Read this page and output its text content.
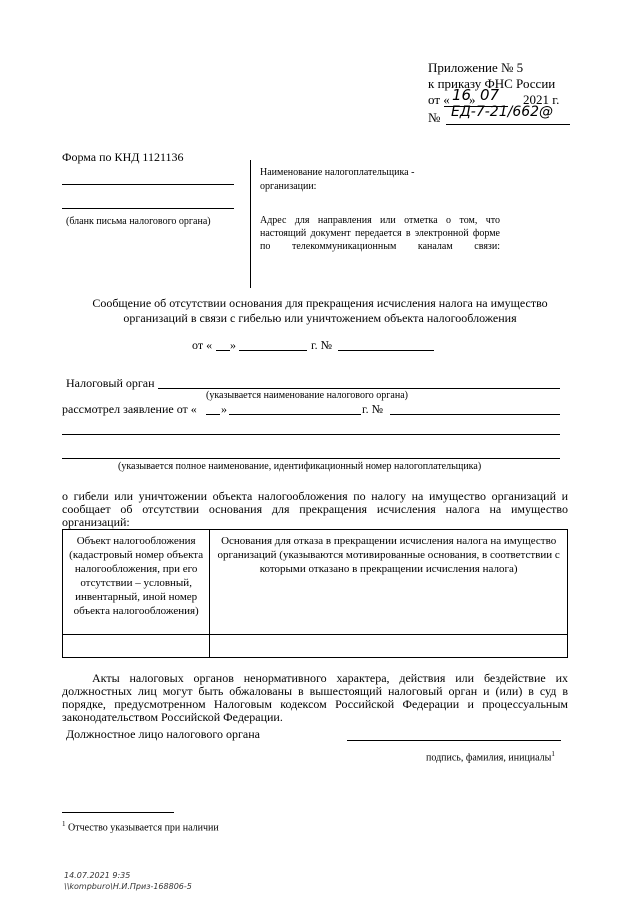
Приложение № 5
к приказу ФНС России
от « 16
» 07 2021 г.
№ ЕД-7-21/662@
Форма по КНД 1121136
(бланк письма налогового органа)
Наименование налогоплательщика - организации:
Адрес для направления или отметка о том, что настоящий документ передается в электронной форме по телекоммуникационным каналам связи:
Сообщение об отсутствии основания для прекращения исчисления налога на имущество организаций в связи с гибелью или уничтожением объекта налогообложения
от « »	г. №
Налоговый орган
(указывается наименование налогового органа)
рассмотрел заявление от « »	г. №
(указывается полное наименование, идентификационный номер налогоплательщика)
о гибели или уничтожении объекта налогообложения по налогу на имущество организаций и сообщает об отсутствии основания для прекращения исчисления налога на имущество организаций:
Объект налогообложения (кадастровый номер объекта налогообложения, при его отсутствии – условный, инвентарный, иной номер объекта налогообложения)	Основания для отказа в прекращении исчисления налога на имущество организаций (указываются мотивированные основания, в соответствии с которыми отказано в прекращении исчисления налога)

Акты налоговых органов ненормативного характера, действия или бездействие их должностных лиц могут быть обжалованы в вышестоящий налоговый орган и (или) в суд в порядке, предусмотренном Налоговым кодексом Российской Федерации и процессуальным законодательством Российской Федерации.
Должностное лицо налогового органа
подпись, фамилия, инициалы$^1$
$^1$ Отчество указывается при наличии
14.07.2021 9:35
\\kompburo\Н.И.Приз-168806-5
